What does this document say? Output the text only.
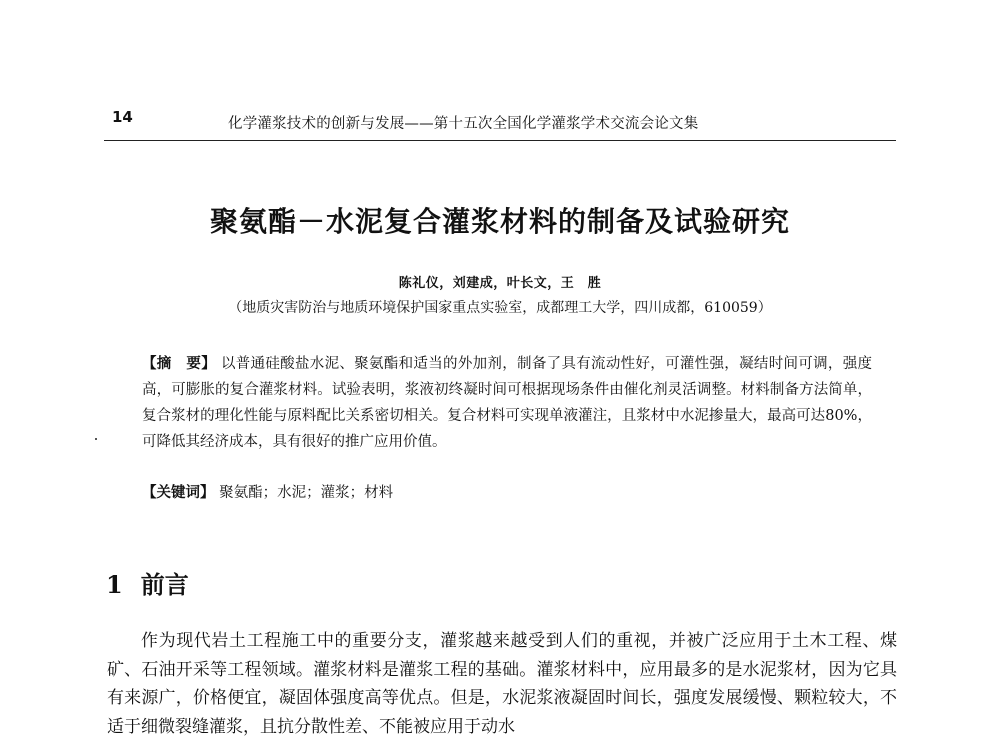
14	化学灌浆技术的创新与发展——第十五次全国化学灌浆学术交流会论文集
聚氨酯－水泥复合灌浆材料的制备及试验研究
陈礼仪，刘建成，叶长文，王　胜
（地质灾害防治与地质环境保护国家重点实验室，成都理工大学，四川成都，610059）
【摘　要】 以普通硅酸盐水泥、聚氨酯和适当的外加剂，制备了具有流动性好，可灌性强，凝结时间可调，强度高，可膨胀的复合灌浆材料。试验表明，浆液初终凝时间可根据现场条件由催化剂灵活调整。材料制备方法简单，复合浆材的理化性能与原料配比关系密切相关。复合材料可实现单液灌注，且浆材中水泥掺量大，最高可达80%，可降低其经济成本，具有很好的推广应用价值。
【关键词】 聚氨酯；水泥；灌浆；材料
1 前言

作为现代岩土工程施工中的重要分支，灌浆越来越受到人们的重视，并被广泛应用于土木工程、煤矿、石油开采等工程领域。灌浆材料是灌浆工程的基础。灌浆材料中，应用最多的是水泥浆材，因为它具有来源广，价格便宜，凝固体强度高等优点。但是，水泥浆液凝固时间长，强度发展缓慢、颗粒较大，不适于细微裂缝灌浆，且抗分散性差、不能被应用于动水
